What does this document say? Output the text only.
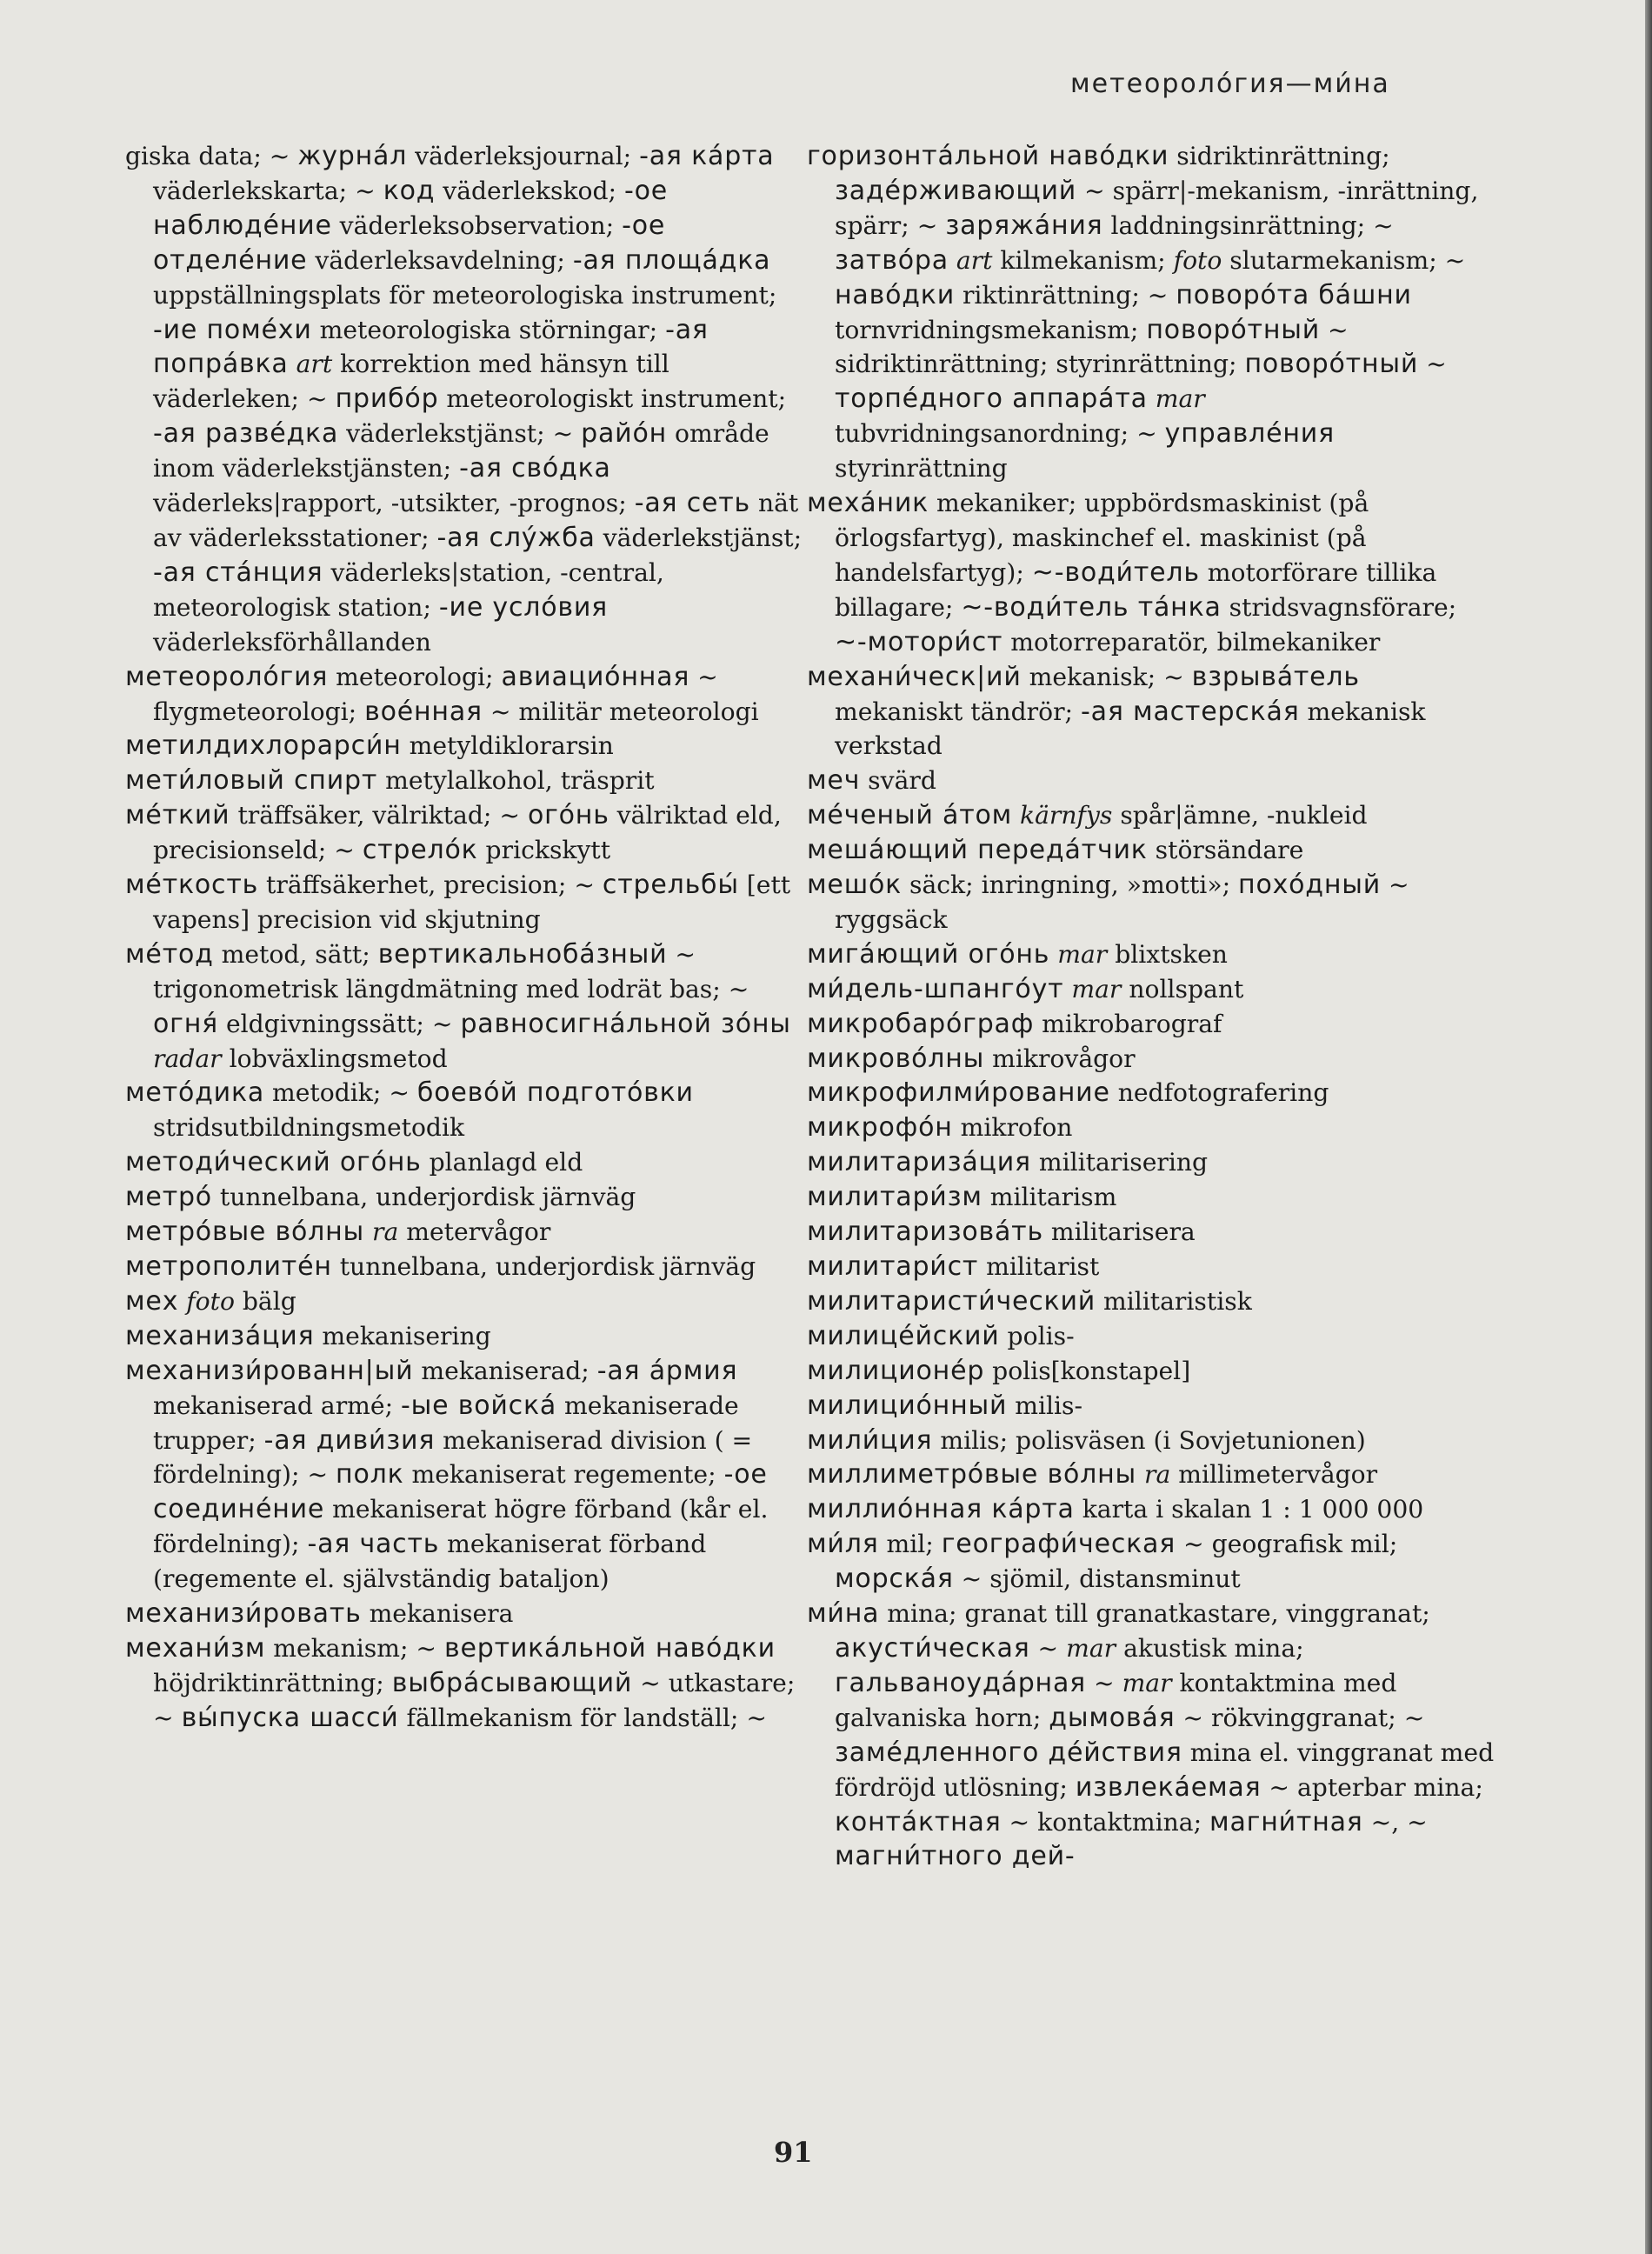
метеороло́гия—ми́на
giska data; ~ журна́л väderleksjournal; -ая ка́рта väderlekskarta; ~ код väderlekskod; -ое наблюде́ние väderleksobservation; -ое отделе́ние väderleksavdelning; -ая площа́дка uppställningsplats för meteorologiska instrument; -ие поме́хи meteorologiska störningar; -ая попра́вка art korrektion med hänsyn till väderleken; ~ прибо́р meteorologiskt instrument; -ая разве́дка väderlekstjänst; ~ райо́н område inom väderlekstjänsten; -ая сво́дка väderleks|rapport, -utsikter, -prognos; -ая сеть nät av väderleksstationer; -ая слу́жба väderlekstjänst; -ая ста́нция väderleks|station, -central, meteorologisk station; -ие усло́вия väderleksförhållanden
метеороло́гия meteorologi; авиацио́нная ~ flygmeteorologi; вое́нная ~ militär meteorologi
метилдихлорарси́н metyldiklorarsin
мети́ловый спирт metylalkohol, träsprit
ме́ткий träffsäker, välriktad; ~ ого́нь välriktad eld, precisionseld; ~ стрело́к prickskytt
ме́ткость träffsäkerhet, precision; ~ стрельбы́ [ett vapens] precision vid skjutning
ме́тод metod, sätt; вертикальноба́зный ~ trigonometrisk längdmätning med lodrät bas; ~ огня́ eldgivningssätt; ~ равносигна́льной зо́ны radar lobväxlingsmetod
мето́дика metodik; ~ боево́й подгото́вки stridsutbildningsmetodik
методи́ческий ого́нь planlagd eld
метро́ tunnelbana, underjordisk järnväg
метро́вые во́лны ra metervågor
метрополите́н tunnelbana, underjordisk järnväg
мех foto bälg
механиза́ция mekanisering
механизи́рованн|ый mekaniserad; -ая а́рмия mekaniserad armé; -ые войска́ mekaniserade trupper; -ая диви́зия mekaniserad division ( = fördelning); ~ полк mekaniserat regemente; -ое соедине́ние mekaniserat högre förband (kår el. fördelning); -ая часть mekaniserat förband (regemente el. självständig bataljon)
механизи́ровать mekanisera
механи́зм mekanism; ~ вертика́льной наво́дки höjdriktinrättning; выбра́сывающий ~ utkastare; ~ вы́пуска шасси́ fällmekanism för landställ; ~
горизонта́льной наво́дки sidriktinrättning; заде́рживающий ~ spärr|-mekanism, -inrättning, spärr; ~ заряжа́ния laddningsinrättning; ~ затво́ра art kilmekanism; foto slutarmekanism; ~ наво́дки riktinrättning; ~ поворо́та ба́шни tornvridningsmekanism; поворо́тный ~ sidriktinrättning; styrinrättning; поворо́тный ~ торпе́дного аппара́та mar tubvridningsanordning; ~ управле́ния styrinrättning
меха́ник mekaniker; uppbördsmaskinist (på örlogsfartyg), maskinchef el. maskinist (på handelsfartyg); ~-води́тель motorförare tillika billagare; ~-води́тель та́нка stridsvagnsförare; ~-мотори́ст motorreparatör, bilmekaniker
механи́ческ|ий mekanisk; ~ взрыва́тель mekaniskt tändrör; -ая мастерска́я mekanisk verkstad
меч svärd
ме́ченый а́том kärnfys spår|ämne, -nukleid
меша́ющий переда́тчик störsändare
мешо́к säck; inringning, »motti»; похо́дный ~ ryggsäck
мига́ющий ого́нь mar blixtsken
ми́дель-шпанго́ут mar nollspant
микробаро́граф mikrobarograf
микрово́лны mikrovågor
микрофилми́рование nedfotografering
микрофо́н mikrofon
милитариза́ция militarisering
милитари́зм militarism
милитаризова́ть militarisera
милитари́ст militarist
милитаристи́ческий militaristisk
милице́йский polis-
милиционе́р polis[konstapel]
милицио́нный milis-
мили́ция milis; polisväsen (i Sovjetunionen)
миллиметро́вые во́лны ra millimetervågor
миллио́нная ка́рта karta i skalan 1 : 1 000 000
ми́ля mil; географи́ческая ~ geografisk mil; морска́я ~ sjömil, distansminut
ми́на mina; granat till granatkastare, vinggranat; акусти́ческая ~ mar akustisk mina; гальваноуда́рная ~ mar kontaktmina med galvaniska horn; дымова́я ~ rökvinggranat; ~ заме́дленного де́йствия mina el. vinggranat med fördröjd utlösning; извлека́емая ~ apterbar mina; конта́ктная ~ kontaktmina; магни́тная ~, ~ магни́тного дей-
91
